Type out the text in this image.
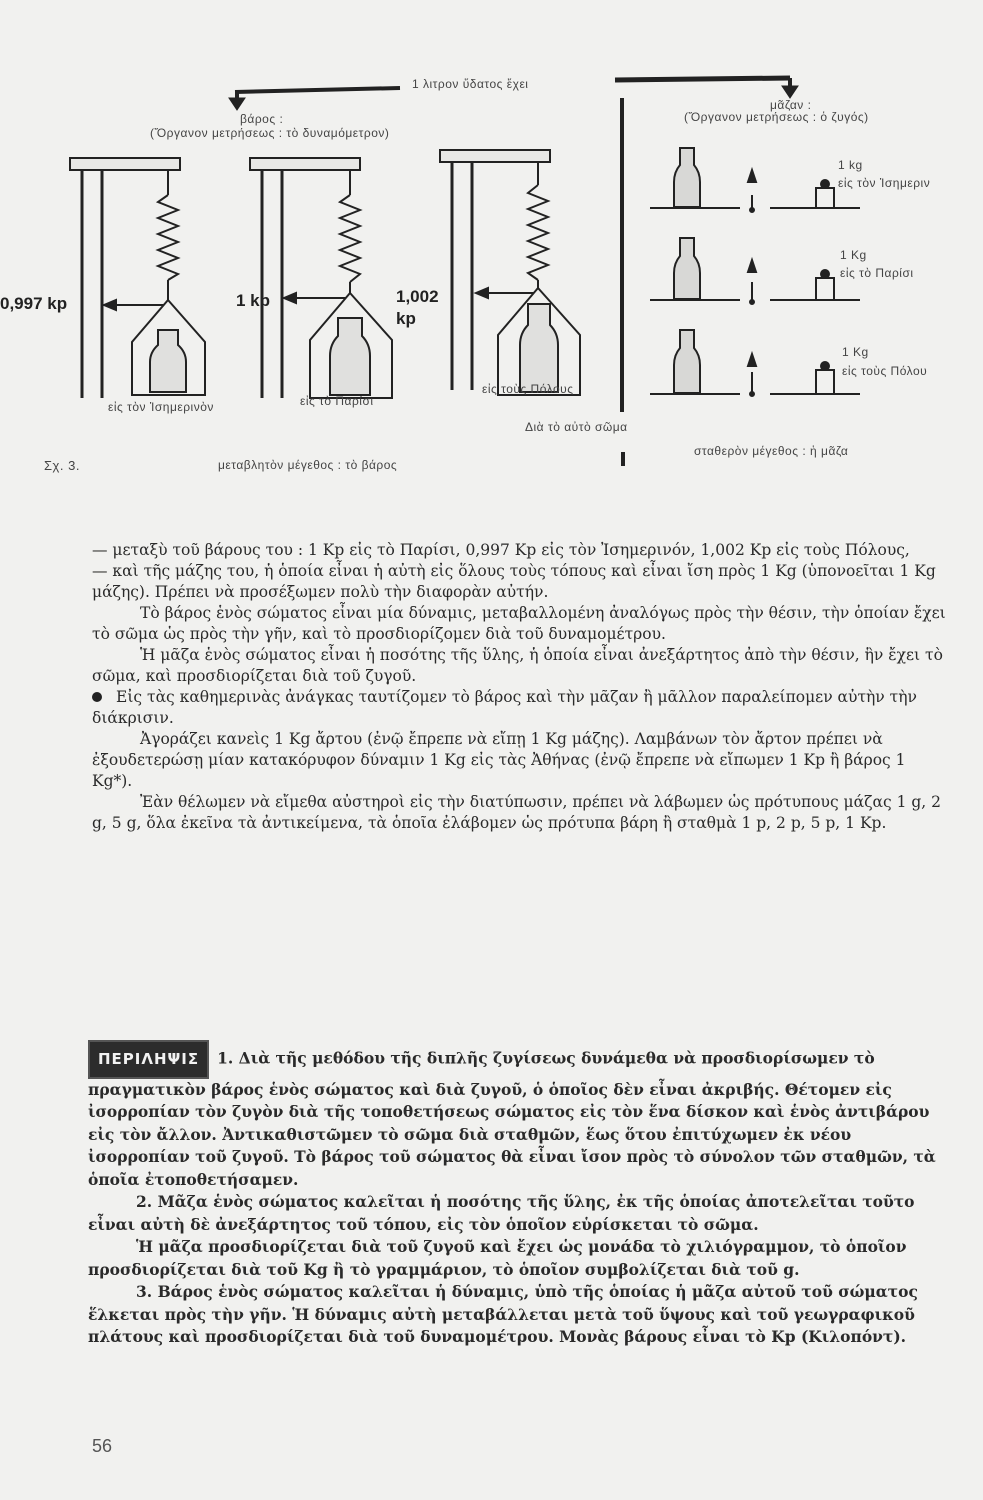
1 λιτρον ὕδατος ἔχει
βάρος :
(Ὄργανον μετρήσεως : τὸ δυναμόμετρον)
μᾶζαν :
(Ὄργανον μετρήσεως : ὁ ζυγός)
0,997 kp	1 kp	1,002 kp
εἰς τὸν Ἰσημερινὸν	εἰς τὸ Παρίσι
εἰς τοὺς Πόλους
1 kg
εἰς τὸν Ἰσημεριν
1 Kg
εἰς τὸ Παρίσι
1 Kg
εἰς τοὺς Πόλου
Σχ. 3.	μεταβλητὸν μέγεθος : τὸ βάρος
Διὰ τὸ αὐτὸ σῶμα
σταθερὸν μέγεθος : ἡ μᾶζα

— μεταξὺ τοῦ βάρους του : 1 Kp εἰς τὸ Παρίσι, 0,997 Kp εἰς τὸν Ἰσημερινόν, 1,002 Kp εἰς τοὺς Πόλους,

— καὶ τῆς μάζης του, ἡ ὁποία εἶναι ἡ αὐτὴ εἰς ὅλους τοὺς τόπους καὶ εἶναι ἴση πρὸς 1 Kg (ὑπονοεῖται 1 Kg μάζης). Πρέπει νὰ προσέξωμεν πολὺ τὴν διαφορὰν αὐτήν.

Τὸ βάρος ἑνὸς σώματος εἶναι μία δύναμις, μεταβαλλομένη ἀναλόγως πρὸς τὴν θέσιν, τὴν ὁποίαν ἔχει τὸ σῶμα ὡς πρὸς τὴν γῆν, καὶ τὸ προσδιορίζομεν διὰ τοῦ δυναμομέτρου.

Ἡ μᾶζα ἑνὸς σώματος εἶναι ἡ ποσότης τῆς ὕλης, ἡ ὁποία εἶναι ἀνεξάρτητος ἀπὸ τὴν θέσιν, ἣν ἔχει τὸ σῶμα, καὶ προσδιορίζεται διὰ τοῦ ζυγοῦ.

Εἰς τὰς καθημερινὰς ἀνάγκας ταυτίζομεν τὸ βάρος καὶ τὴν μᾶζαν ἢ μᾶλλον παραλείπομεν αὐτὴν τὴν διάκρισιν.

Ἀγοράζει κανεὶς 1 Kg ἄρτου (ἐνῷ ἔπρεπε νὰ εἴπῃ 1 Kg μάζης). Λαμβάνων τὸν ἄρτον πρέπει νὰ ἐξουδετερώσῃ μίαν κατακόρυφον δύναμιν 1 Kg εἰς τὰς Ἀθήνας (ἐνῷ ἔπρεπε νὰ εἴπωμεν 1 Kp ἢ βάρος 1 Kg*).

Ἐὰν θέλωμεν νὰ εἴμεθα αὐστηροὶ εἰς τὴν διατύπωσιν, πρέπει νὰ λάβωμεν ὡς πρότυπους μάζας 1 g, 2 g, 5 g, ὅλα ἐκεῖνα τὰ ἀντικείμενα, τὰ ὁποῖα ἐλάβομεν ὡς πρότυπα βάρη ἢ σταθμὰ 1 p, 2 p, 5 p, 1 Kp.

ΠΕΡΙΛΗΨΙΣ 1. Διὰ τῆς μεθόδου τῆς διπλῆς ζυγίσεως δυνάμεθα νὰ προσδιορίσωμεν τὸ πραγματικὸν βάρος ἑνὸς σώματος καὶ διὰ ζυγοῦ, ὁ ὁποῖος δὲν εἶναι ἀκριβής. Θέτομεν εἰς ἰσορροπίαν τὸν ζυγὸν διὰ τῆς τοποθετήσεως σώματος εἰς τὸν ἕνα δίσκον καὶ ἑνὸς ἀντιβάρου εἰς τὸν ἄλλον. Ἀντικαθιστῶμεν τὸ σῶμα διὰ σταθμῶν, ἕως ὅτου ἐπιτύχωμεν ἐκ νέου ἰσορροπίαν τοῦ ζυγοῦ. Τὸ βάρος τοῦ σώματος θὰ εἶναι ἴσον πρὸς τὸ σύνολον τῶν σταθμῶν, τὰ ὁποῖα ἐτοποθετήσαμεν.

2. Μᾶζα ἑνὸς σώματος καλεῖται ἡ ποσότης τῆς ὕλης, ἐκ τῆς ὁποίας ἀποτελεῖται τοῦτο εἶναι αὐτὴ δὲ ἀνεξάρτητος τοῦ τόπου, εἰς τὸν ὁποῖον εὑρίσκεται τὸ σῶμα.

Ἡ μᾶζα προσδιορίζεται διὰ τοῦ ζυγοῦ καὶ ἔχει ὡς μονάδα τὸ χιλιόγραμμον, τὸ ὁποῖον προσδιορίζεται διὰ τοῦ Kg ἢ τὸ γραμμάριον, τὸ ὁποῖον συμβολίζεται διὰ τοῦ g.

3. Βάρος ἑνὸς σώματος καλεῖται ἡ δύναμις, ὑπὸ τῆς ὁποίας ἡ μᾶζα αὐτοῦ τοῦ σώματος ἕλκεται πρὸς τὴν γῆν. Ἡ δύναμις αὐτὴ μεταβάλλεται μετὰ τοῦ ὕψους καὶ τοῦ γεωγραφικοῦ πλάτους καὶ προσδιορίζεται διὰ τοῦ δυναμομέτρου. Μονὰς βάρους εἶναι τὸ Kp (Κιλοπόντ).

56
